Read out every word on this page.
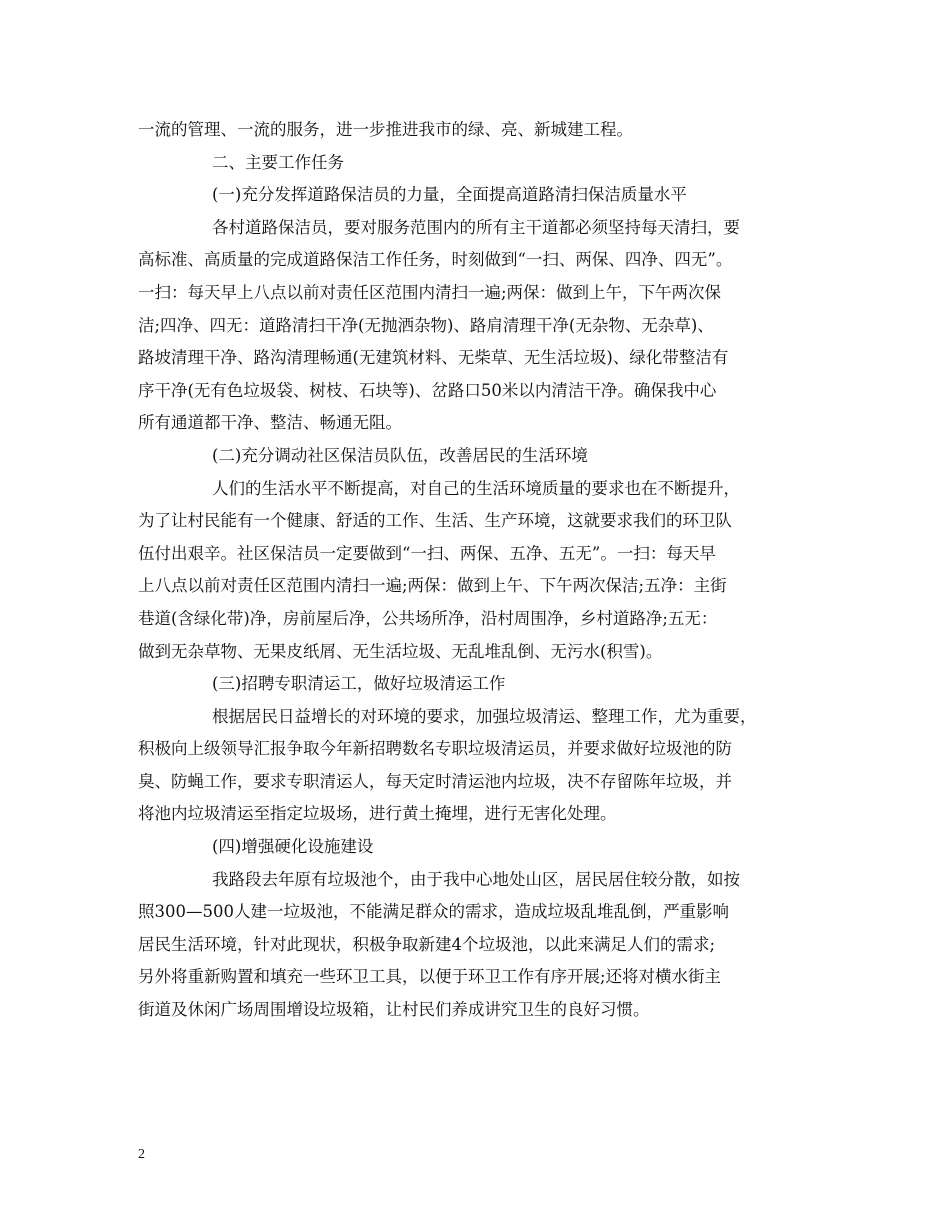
一流的管理、一流的服务，进一步推进我市的绿、亮、新城建工程。
二、主要工作任务
(一)充分发挥道路保洁员的力量，全面提高道路清扫保洁质量水平
各村道路保洁员，要对服务范围内的所有主干道都必须坚持每天清扫，要
高标准、高质量的完成道路保洁工作任务，时刻做到“一扫、两保、四净、四无”。
一扫：每天早上八点以前对责任区范围内清扫一遍;两保：做到上午，下午两次保
洁;四净、四无：道路清扫干净(无抛洒杂物)、路肩清理干净(无杂物、无杂草)、
路坡清理干净、路沟清理畅通(无建筑材料、无柴草、无生活垃圾)、绿化带整洁有
序干净(无有色垃圾袋、树枝、石块等)、岔路口50米以内清洁干净。确保我中心
所有通道都干净、整洁、畅通无阻。
(二)充分调动社区保洁员队伍，改善居民的生活环境
人们的生活水平不断提高，对自己的生活环境质量的要求也在不断提升，
为了让村民能有一个健康、舒适的工作、生活、生产环境，这就要求我们的环卫队
伍付出艰辛。社区保洁员一定要做到“一扫、两保、五净、五无”。一扫：每天早
上八点以前对责任区范围内清扫一遍;两保：做到上午、下午两次保洁;五净：主街
巷道(含绿化带)净，房前屋后净，公共场所净，沿村周围净，乡村道路净;五无：
做到无杂草物、无果皮纸屑、无生活垃圾、无乱堆乱倒、无污水(积雪)。
(三)招聘专职清运工，做好垃圾清运工作
根据居民日益增长的对环境的要求，加强垃圾清运、整理工作，尤为重要，
积极向上级领导汇报争取今年新招聘数名专职垃圾清运员，并要求做好垃圾池的防
臭、防蝇工作，要求专职清运人，每天定时清运池内垃圾，决不存留陈年垃圾，并
将池内垃圾清运至指定垃圾场，进行黄土掩埋，进行无害化处理。
(四)增强硬化设施建设
我路段去年原有垃圾池个，由于我中心地处山区，居民居住较分散，如按
照300—500人建一垃圾池，不能满足群众的需求，造成垃圾乱堆乱倒，严重影响
居民生活环境，针对此现状，积极争取新建4个垃圾池，以此来满足人们的需求;
另外将重新购置和填充一些环卫工具，以便于环卫工作有序开展;还将对横水街主
街道及休闲广场周围增设垃圾箱，让村民们养成讲究卫生的良好习惯。
2
